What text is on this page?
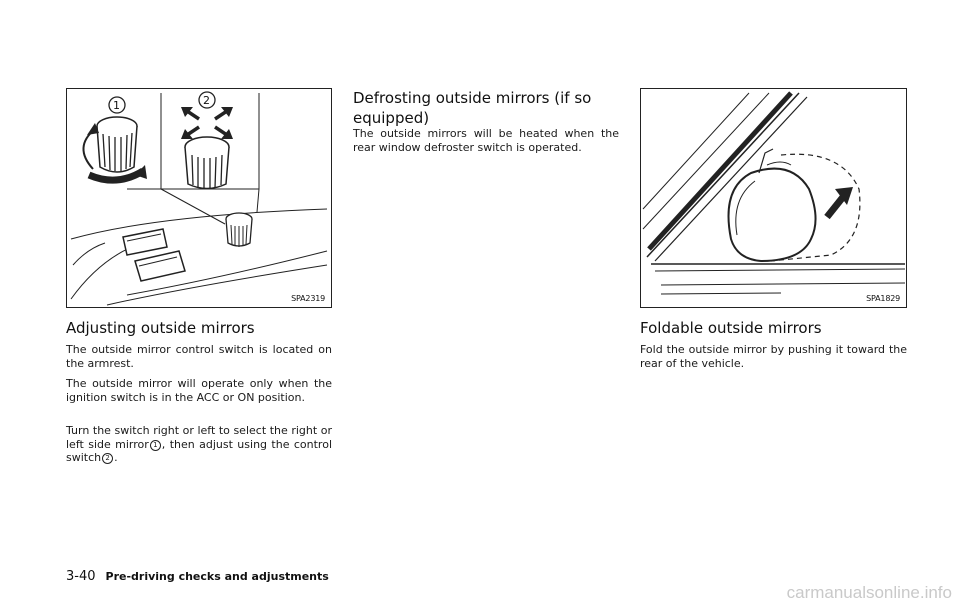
1	2
SPA2319
Adjusting outside mirrors

The outside mirror control switch is located on the armrest.

The outside mirror will operate only when the ignition switch is in the ACC or ON position.

Turn the switch right or left to select the right or left side mirror 1 , then adjust using the control switch 2 .

Defrosting outside mirrors (if so equipped)

The outside mirrors will be heated when the rear window defroster switch is operated.

SPA1829
Foldable outside mirrors

Fold the outside mirror by pushing it toward the rear of the vehicle.

3-40 Pre-driving checks and adjustments
carmanualsonline.info
